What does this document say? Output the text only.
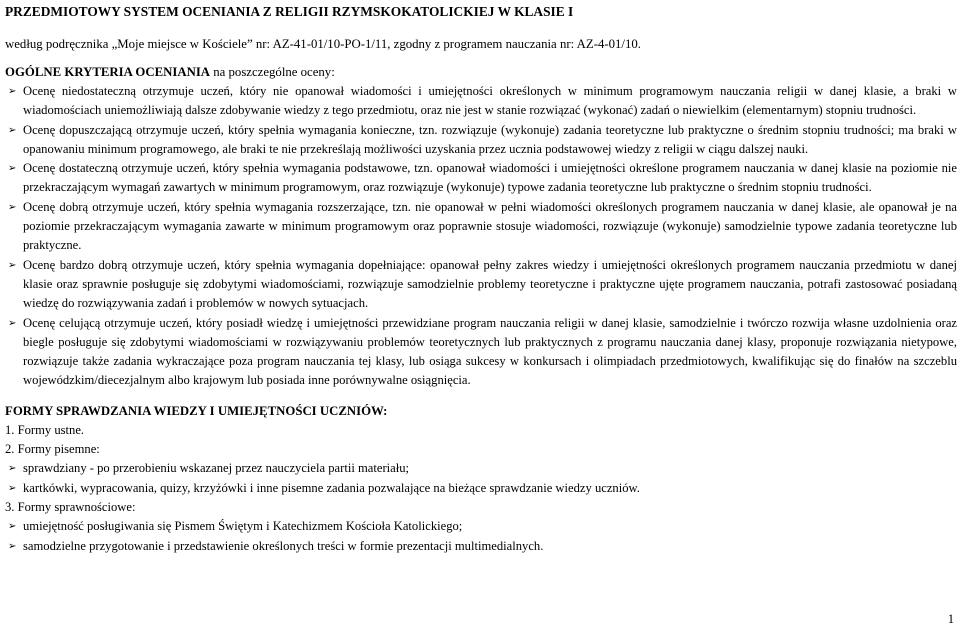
PRZEDMIOTOWY SYSTEM OCENIANIA Z RELIGII RZYMSKOKATOLICKIEJ W KLASIE I
według podręcznika „Moje miejsce w Kościele” nr: AZ-41-01/10-PO-1/11, zgodny z programem nauczania nr: AZ-4-01/10.
OGÓLNE KRYTERIA OCENIANIA na poszczególne oceny:
➢ Ocenę niedostateczną otrzymuje uczeń, który nie opanował wiadomości i umiejętności określonych w minimum programowym nauczania religii w danej klasie, a braki w wiadomościach uniemożliwiają dalsze zdobywanie wiedzy z tego przedmiotu, oraz nie jest w stanie rozwiązać (wykonać) zadań o niewielkim (elementarnym) stopniu trudności.
➢ Ocenę dopuszczającą otrzymuje uczeń, który spełnia wymagania konieczne, tzn. rozwiązuje (wykonuje) zadania teoretyczne lub praktyczne o średnim stopniu trudności; ma braki w opanowaniu minimum programowego, ale braki te nie przekreślają możliwości uzyskania przez ucznia podstawowej wiedzy z religii w ciągu dalszej nauki.
➢ Ocenę dostateczną otrzymuje uczeń, który spełnia wymagania podstawowe, tzn. opanował wiadomości i umiejętności określone programem nauczania w danej klasie na poziomie nie przekraczającym wymagań zawartych w minimum programowym, oraz rozwiązuje (wykonuje) typowe zadania teoretyczne lub praktyczne o średnim stopniu trudności.
➢ Ocenę dobrą otrzymuje uczeń, który spełnia wymagania rozszerzające, tzn. nie opanował w pełni wiadomości określonych programem nauczania w danej klasie, ale opanował je na poziomie przekraczającym wymagania zawarte w minimum programowym oraz poprawnie stosuje wiadomości, rozwiązuje (wykonuje) samodzielnie typowe zadania teoretyczne lub praktyczne.
➢ Ocenę bardzo dobrą otrzymuje uczeń, który spełnia wymagania dopełniające: opanował pełny zakres wiedzy i umiejętności określonych programem nauczania przedmiotu w danej klasie oraz sprawnie posługuje się zdobytymi wiadomościami, rozwiązuje samodzielnie problemy teoretyczne i praktyczne ujęte programem nauczania, potrafi zastosować posiadaną wiedzę do rozwiązywania zadań i problemów w nowych sytuacjach.
➢ Ocenę celującą otrzymuje uczeń, który posiadł wiedzę i umiejętności przewidziane program nauczania religii w danej klasie, samodzielnie i twórczo rozwija własne uzdolnienia oraz biegle posługuje się zdobytymi wiadomościami w rozwiązywaniu problemów teoretycznych lub praktycznych z programu nauczania danej klasy, proponuje rozwiązania nietypowe, rozwiązuje także zadania wykraczające poza program nauczania tej klasy, lub osiąga sukcesy w konkursach i olimpiadach przedmiotowych, kwalifikując się do finałów na szczeblu wojewódzkim/diecezjalnym albo krajowym lub posiada inne porównywalne osiągnięcia.
FORMY SPRAWDZANIA WIEDZY I UMIEJĘTNOŚCI UCZNIÓW:
1. Formy ustne.
2. Formy pisemne:
➢ sprawdziany - po przerobieniu wskazanej przez nauczyciela partii materiału;
➢ kartkówki, wypracowania, quizy, krzyżówki i inne pisemne zadania pozwalające na bieżące sprawdzanie wiedzy uczniów.
3. Formy sprawnościowe:
➢ umiejętność posługiwania się Pismem Świętym i Katechizmem Kościoła Katolickiego;
➢ samodzielne przygotowanie i przedstawienie określonych treści w formie prezentacji multimedialnych.
1
